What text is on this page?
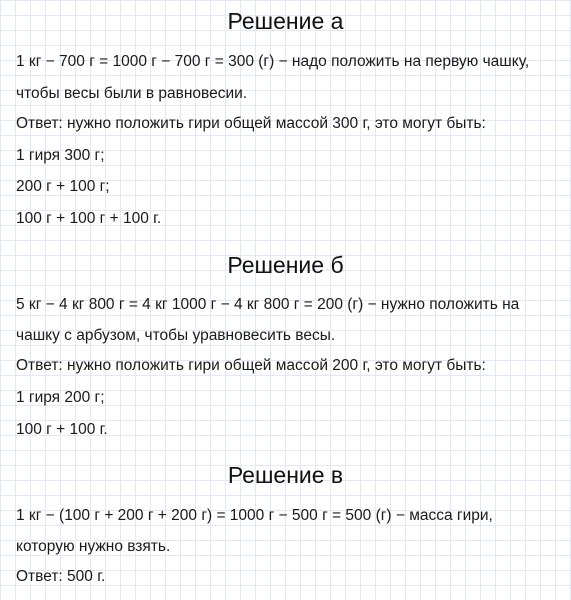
Решение а
1 кг − 700 г = 1000 г − 700 г = 300 (г) − надо положить на первую чашку,
чтобы весы были в равновесии.
Ответ: нужно положить гири общей массой 300 г, это могут быть:
1 гиря 300 г;
200 г + 100 г;
100 г + 100 г + 100 г.
Решение б
5 кг − 4 кг 800 г = 4 кг 1000 г − 4 кг 800 г = 200 (г) − нужно положить на
чашку с арбузом, чтобы уравновесить весы.
Ответ: нужно положить гири общей массой 200 г, это могут быть:
1 гиря 200 г;
100 г + 100 г.
Решение в
1 кг − (100 г + 200 г + 200 г) = 1000 г − 500 г = 500 (г) − масса гири,
которую нужно взять.
Ответ: 500 г.
